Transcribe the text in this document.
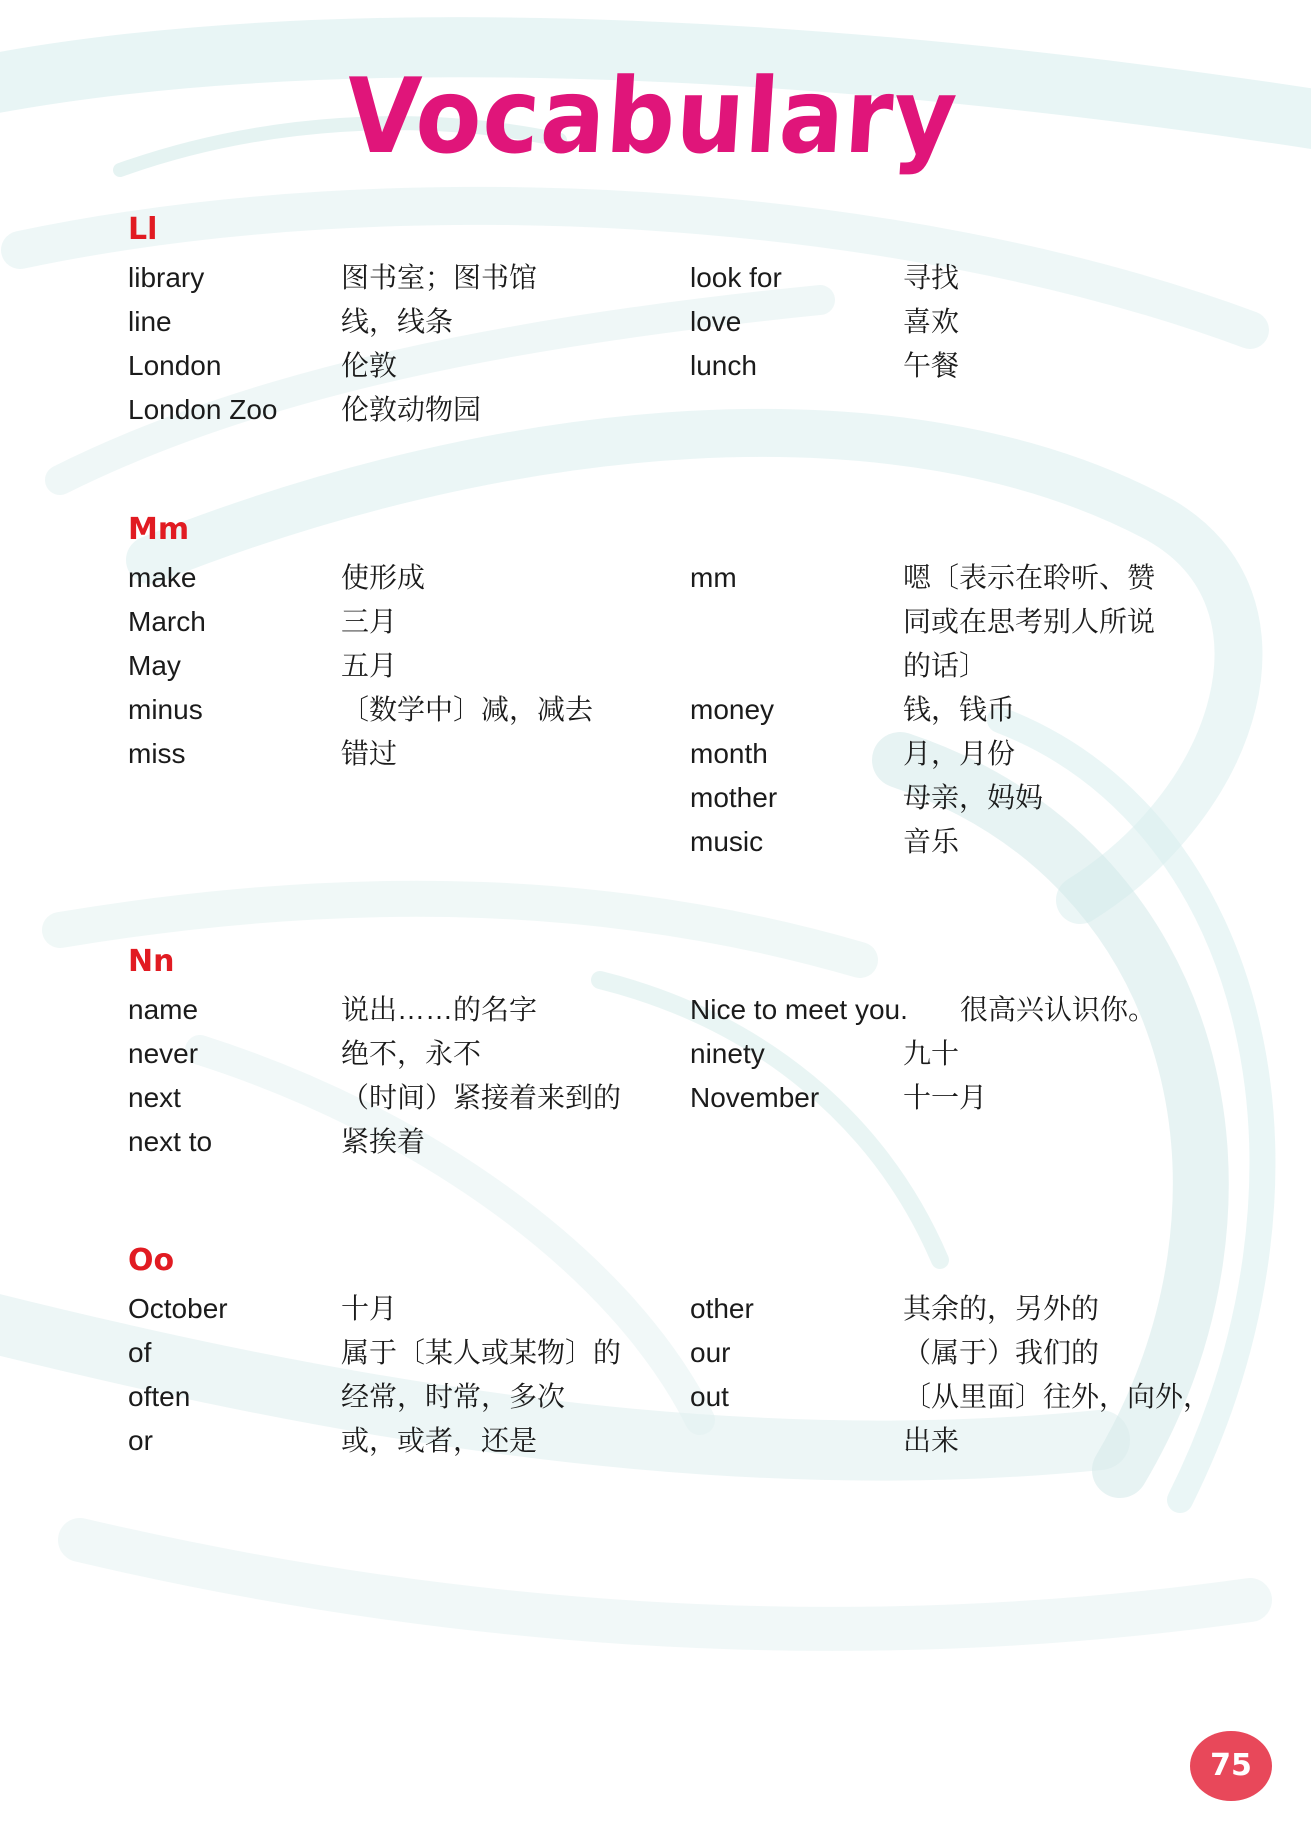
Vocabulary
Ll
library	图书室；图书馆
line	线，线条
London	伦敦
London Zoo 伦敦动物园
look for	寻找
love	喜欢
lunch	午餐
Mm
make	使形成
March	三月
May	五月
minus	〔数学中〕减，减去
miss	错过
mm	嗯〔表示在聆听、赞
同或在思考别人所说
的话〕
money	钱，钱币
month	月，月份
mother	母亲，妈妈
music	音乐
Nn
name	说出……的名字
never	绝不，永不
next	（时间）紧接着来到的
next to	紧挨着
Nice to meet you. 很高兴认识你。
ninety	九十
November	十一月
Oo
October	十月
of	属于〔某人或某物〕的
often	经常，时常，多次
or	或，或者，还是
other	其余的，另外的
our	（属于）我们的
out	〔从里面〕往外，向外，
出来
75
